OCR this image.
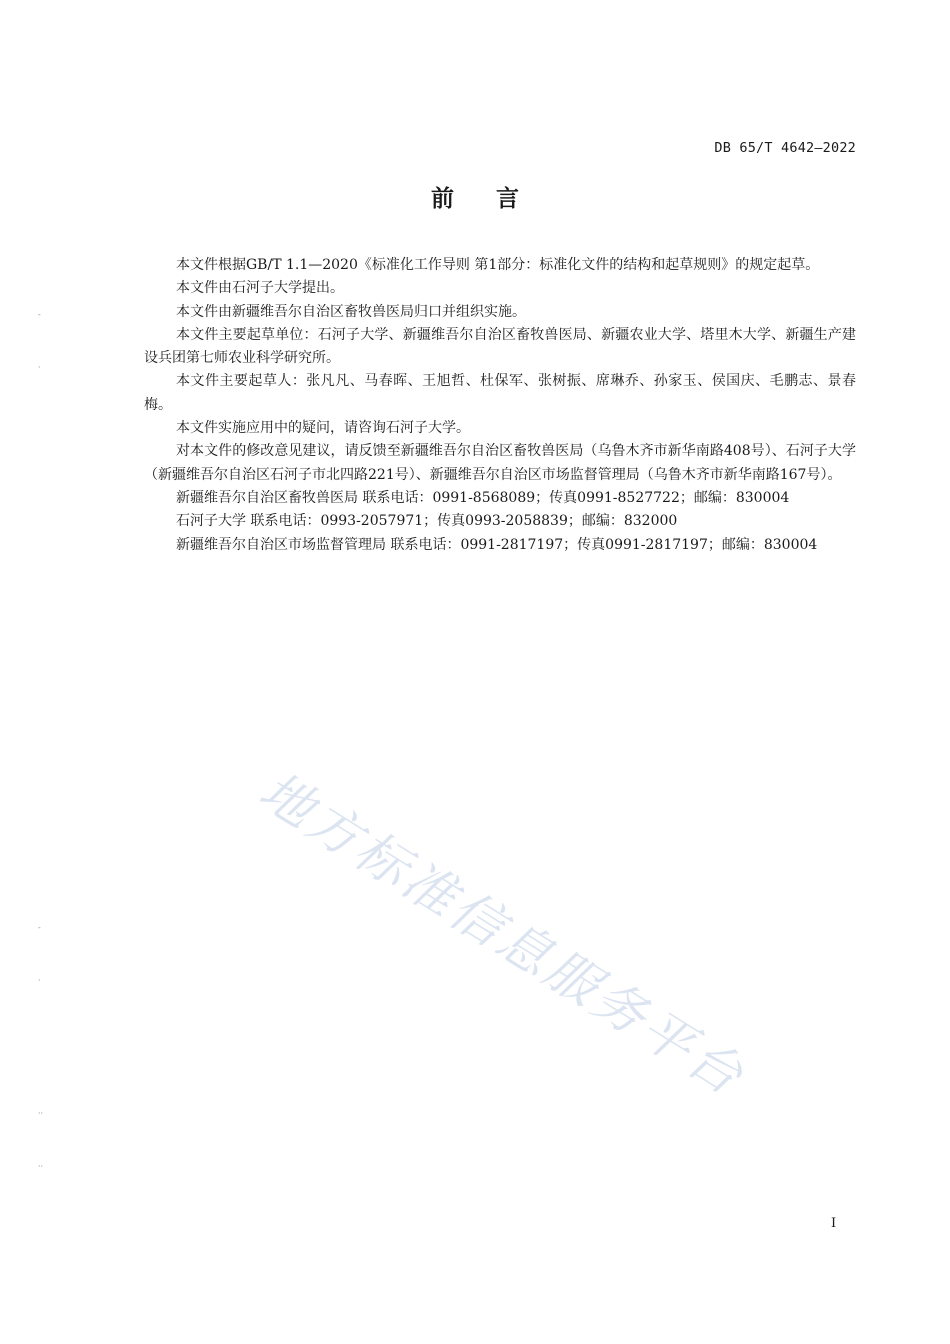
DB 65/T 4642—2022
前言

本文件根据GB/T 1.1—2020《标准化工作导则 第1部分：标准化文件的结构和起草规则》的规定起草。

本文件由石河子大学提出。

本文件由新疆维吾尔自治区畜牧兽医局归口并组织实施。

本文件主要起草单位：石河子大学、新疆维吾尔自治区畜牧兽医局、新疆农业大学、塔里木大学、新疆生产建设兵团第七师农业科学研究所。

本文件主要起草人：张凡凡、马春晖、王旭哲、杜保军、张树振、席琳乔、孙家玉、侯国庆、毛鹏志、景春梅。

本文件实施应用中的疑问，请咨询石河子大学。

对本文件的修改意见建议，请反馈至新疆维吾尔自治区畜牧兽医局（乌鲁木齐市新华南路408号）、石河子大学（新疆维吾尔自治区石河子市北四路221号）、新疆维吾尔自治区市场监督管理局（乌鲁木齐市新华南路167号）。

新疆维吾尔自治区畜牧兽医局 联系电话：0991-8568089；传真0991-8527722；邮编：830004

石河子大学 联系电话：0993-2057971；传真0993-2058839；邮编：832000

新疆维吾尔自治区市场监督管理局 联系电话：0991-2817197；传真0991-2817197；邮编：830004

地方标准信息服务平台
-
·
-
·
··
··
I
